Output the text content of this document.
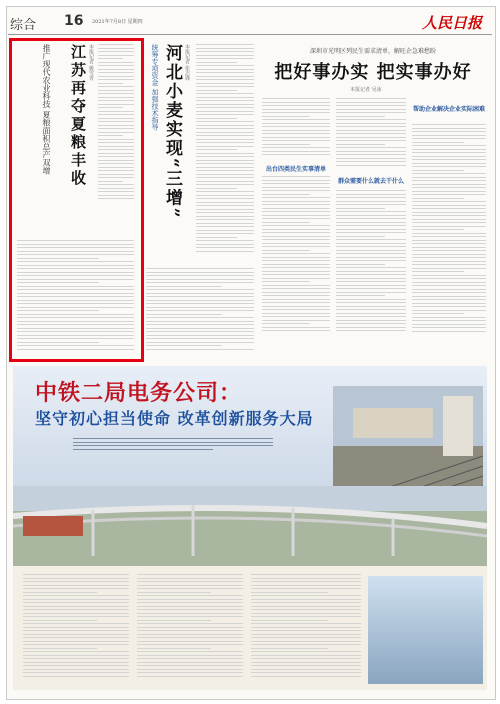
综合 16 2021年7月8日 星期四	人民日报
江苏再夺夏粮丰收
推广现代农业科技 夏粮面积总产双增	本报记者 姚雪青	统筹专项资金 加强技术指导 河北小麦实现“三增” 本报记者 张志锋	深圳市光明区列民生需求清单，解旺企急难愁盼
把好事办实 把实事办好
本报记者 吴冰
出台四类民生实事清单
群众需要什么就去干什么
帮助企业解决企业实际困难
中铁二局电务公司：
坚守初心担当使命 改革创新服务大局
